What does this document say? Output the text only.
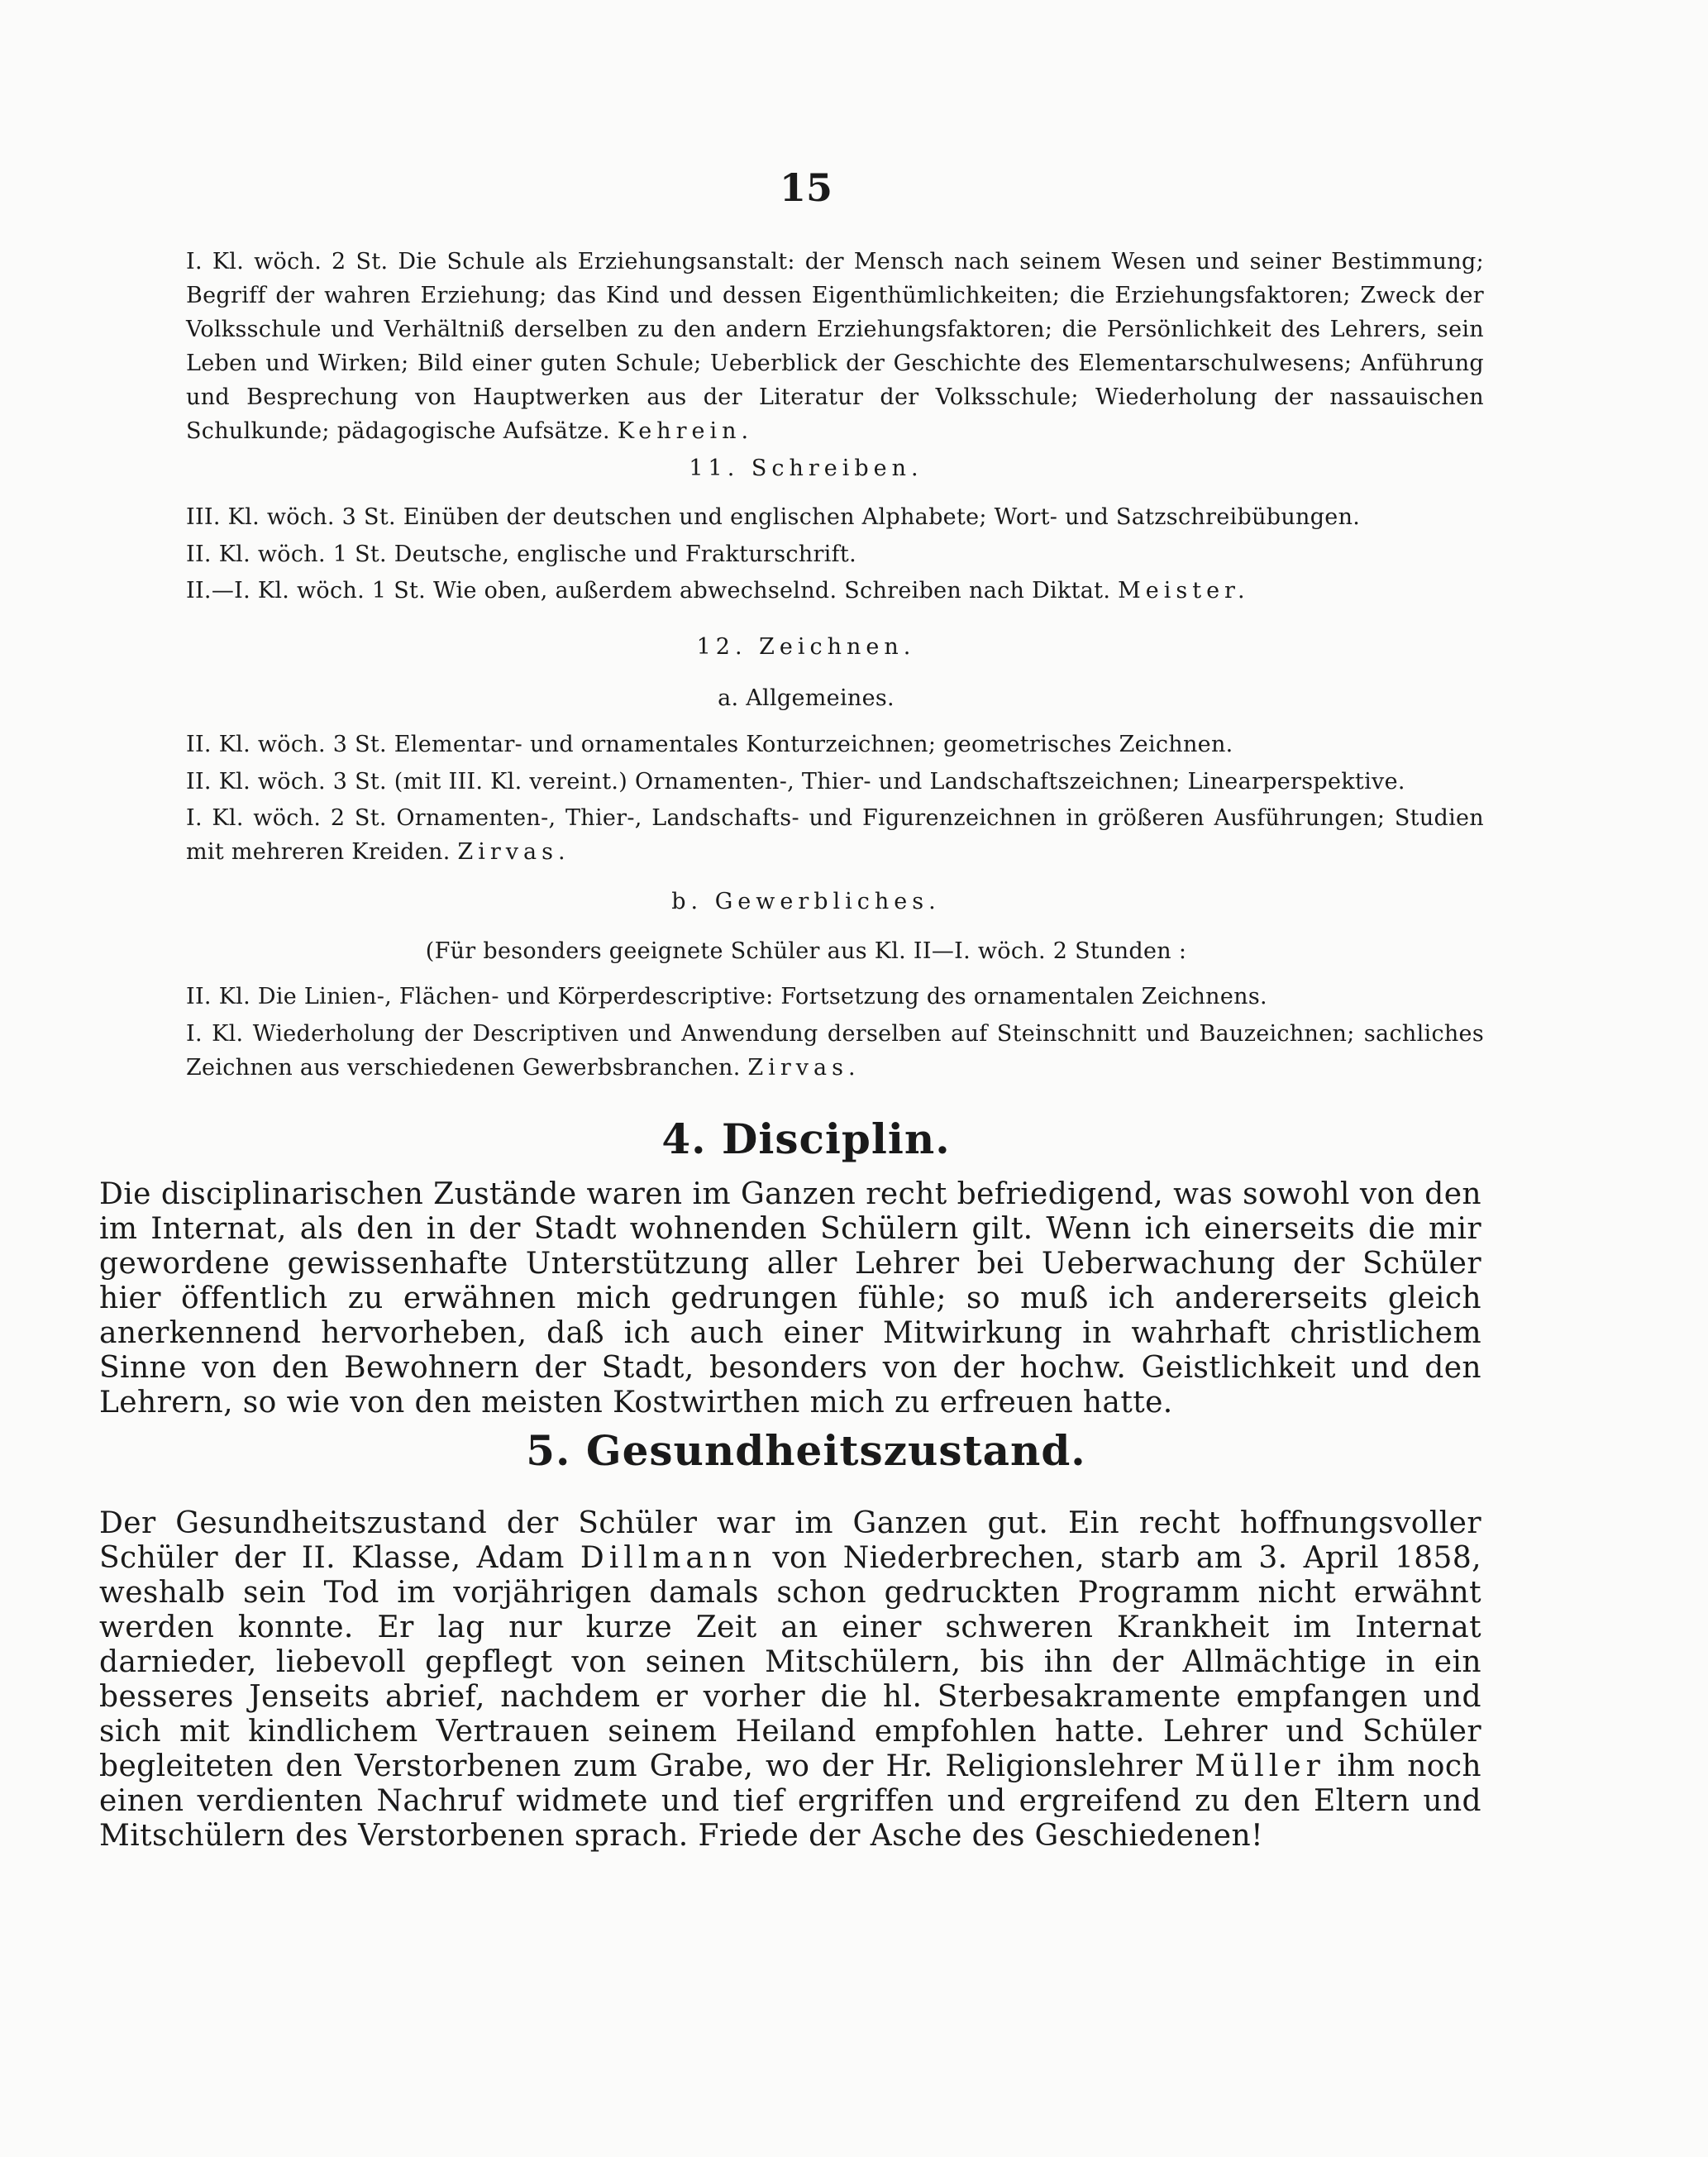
15
I. Kl. wöch. 2 St. Die Schule als Erziehungsanstalt: der Mensch nach seinem Wesen und seiner Bestimmung; Begriff der wahren Erziehung; das Kind und dessen Eigenthümlichkeiten; die Erziehungsfaktoren; Zweck der Volksschule und Verhältniß derselben zu den andern Erziehungsfaktoren; die Persönlichkeit des Lehrers, sein Leben und Wirken; Bild einer guten Schule; Ueberblick der Geschichte des Elementarschulwesens; Anführung und Besprechung von Hauptwerken aus der Literatur der Volksschule; Wiederholung der nassauischen Schulkunde; pädagogische Aufsätze. Kehrein.
11. Schreiben.
III. Kl. wöch. 3 St. Einüben der deutschen und englischen Alphabete; Wort- und Satzschreibübungen.
II. Kl. wöch. 1 St. Deutsche, englische und Frakturschrift.
II.—I. Kl. wöch. 1 St. Wie oben, außerdem abwechselnd. Schreiben nach Diktat. Meister.
12. Zeichnen.
a. Allgemeines.
II. Kl. wöch. 3 St. Elementar- und ornamentales Konturzeichnen; geometrisches Zeichnen.
II. Kl. wöch. 3 St. (mit III. Kl. vereint.) Ornamenten-, Thier- und Landschaftszeichnen; Linearperspektive.
I. Kl. wöch. 2 St. Ornamenten-, Thier-, Landschafts- und Figurenzeichnen in größeren Ausführungen; Studien mit mehreren Kreiden. Zirvas.
b. Gewerbliches.
(Für besonders geeignete Schüler aus Kl. II—I. wöch. 2 Stunden :
II. Kl. Die Linien-, Flächen- und Körperdescriptive: Fortsetzung des ornamentalen Zeichnens.
I. Kl. Wiederholung der Descriptiven und Anwendung derselben auf Steinschnitt und Bauzeichnen; sachliches Zeichnen aus verschiedenen Gewerbsbranchen. Zirvas.
4. Disciplin.
Die disciplinarischen Zustände waren im Ganzen recht befriedigend, was sowohl von den im Internat, als den in der Stadt wohnenden Schülern gilt. Wenn ich einerseits die mir gewordene gewissenhafte Unterstützung aller Lehrer bei Ueberwachung der Schüler hier öffentlich zu erwähnen mich gedrungen fühle; so muß ich andererseits gleich anerkennend hervorheben, daß ich auch einer Mitwirkung in wahrhaft christlichem Sinne von den Bewohnern der Stadt, besonders von der hochw. Geistlichkeit und den Lehrern, so wie von den meisten Kostwirthen mich zu erfreuen hatte.
5. Gesundheitszustand.
Der Gesundheitszustand der Schüler war im Ganzen gut. Ein recht hoffnungsvoller Schüler der II. Klasse, Adam Dillmann von Niederbrechen, starb am 3. April 1858, weshalb sein Tod im vorjährigen damals schon gedruckten Programm nicht erwähnt werden konnte. Er lag nur kurze Zeit an einer schweren Krankheit im Internat darnieder, liebevoll gepflegt von seinen Mitschülern, bis ihn der Allmächtige in ein besseres Jenseits abrief, nachdem er vorher die hl. Sterbesakramente empfangen und sich mit kindlichem Vertrauen seinem Heiland empfohlen hatte. Lehrer und Schüler begleiteten den Verstorbenen zum Grabe, wo der Hr. Religionslehrer Müller ihm noch einen verdienten Nachruf widmete und tief ergriffen und ergreifend zu den Eltern und Mitschülern des Verstorbenen sprach. Friede der Asche des Geschiedenen!
